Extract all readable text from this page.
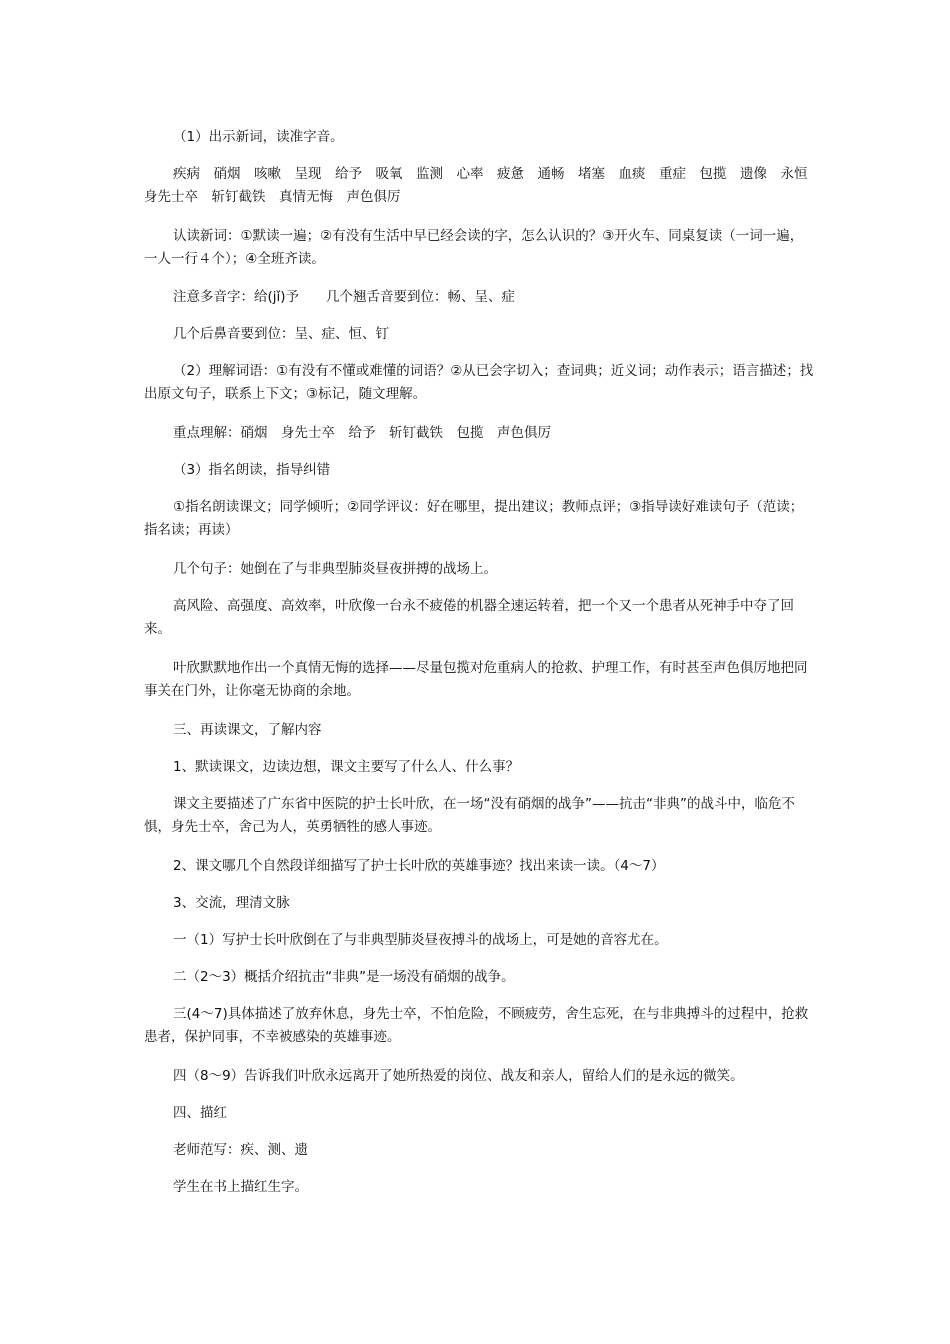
（1）出示新词，读准字音。

疾病　硝烟　咳嗽　呈现　给予　吸氧　监测　心率　疲惫　通畅　堵塞　血痰　重症　包揽　遗像　永恒　身先士卒　斩钉截铁　真情无悔　声色俱厉

认读新词：①默读一遍；②有没有生活中早已经会读的字，怎么认识的？③开火车、同桌复读（一词一遍，一人一行４个）；④全班齐读。

注意多音字：给(jǐ)予　　几个翘舌音要到位：畅、呈、症

几个后鼻音要到位：呈、症、恒、钉

（2）理解词语：①有没有不懂或难懂的词语？②从已会字切入；查词典；近义词；动作表示；语言描述；找出原文句子，联系上下文；③标记，随文理解。

重点理解：硝烟　身先士卒　给予　斩钉截铁　包揽　声色俱厉

（3）指名朗读，指导纠错

①指名朗读课文；同学倾听；②同学评议：好在哪里，提出建议；教师点评；③指导读好难读句子（范读；指名读；再读）

几个句子：她倒在了与非典型肺炎昼夜拼搏的战场上。

高风险、高强度、高效率，叶欣像一台永不疲倦的机器全速运转着，把一个又一个患者从死神手中夺了回来。

叶欣默默地作出一个真情无悔的选择——尽量包揽对危重病人的抢救、护理工作，有时甚至声色俱厉地把同事关在门外，让你毫无协商的余地。

三、再读课文，了解内容

1、默读课文，边读边想，课文主要写了什么人、什么事？

课文主要描述了广东省中医院的护士长叶欣，在一场“没有硝烟的战争”——抗击“非典”的战斗中，临危不惧，身先士卒，舍己为人，英勇牺牲的感人事迹。

2、课文哪几个自然段详细描写了护士长叶欣的英雄事迹？找出来读一读。（4～7）

3、交流，理清文脉

一（1）写护士长叶欣倒在了与非典型肺炎昼夜搏斗的战场上，可是她的音容尤在。

二（2～3）概括介绍抗击“非典”是一场没有硝烟的战争。

三(4～7)具体描述了放弃休息，身先士卒，不怕危险，不顾疲劳，舍生忘死，在与非典搏斗的过程中，抢救患者，保护同事，不幸被感染的英雄事迹。

四（8～9）告诉我们叶欣永远离开了她所热爱的岗位、战友和亲人，留给人们的是永远的微笑。

四、描红

老师范写：疾、测、遗

学生在书上描红生字。
